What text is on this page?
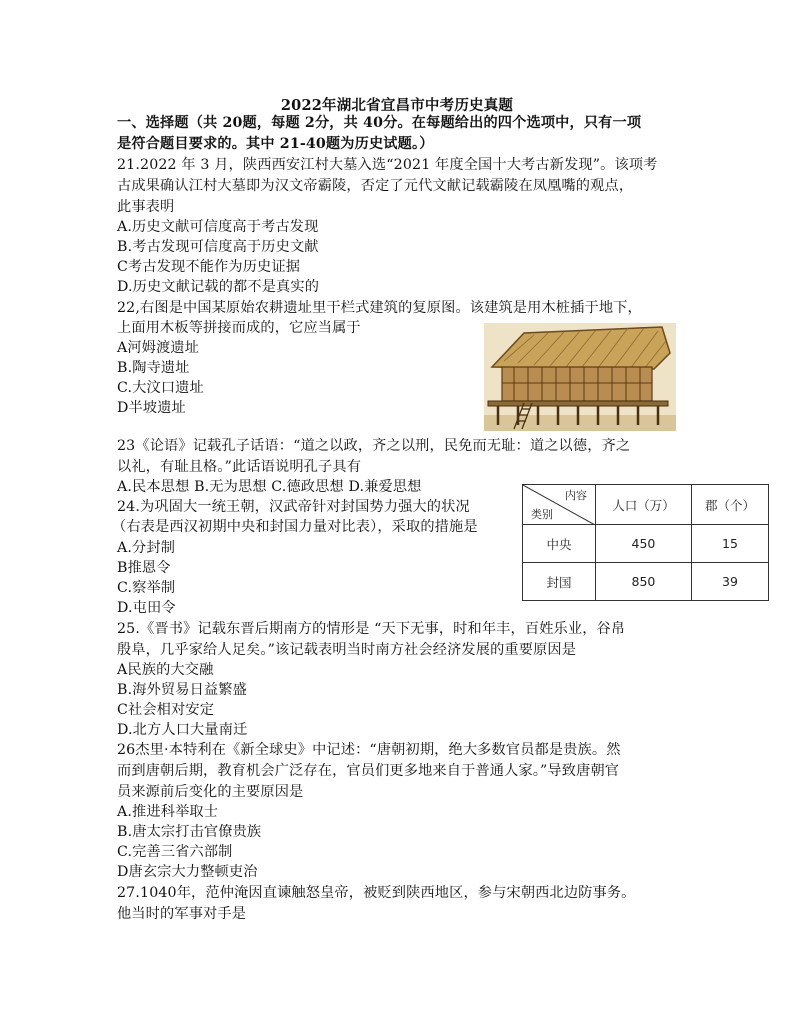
2022年湖北省宜昌市中考历史真题
一、选择题（共 20题，每题 2分，共 40分。在每题给出的四个选项中，只有一项
是符合题目要求的。其中 21-40题为历史试题。）
21.2022 年 3 月，陕西西安江村大墓入选“2021 年度全国十大考古新发现”。该项考
古成果确认江村大墓即为汉文帝霸陵，否定了元代文献记载霸陵在凤凰嘴的观点，
此事表明
A.历史文献可信度高于考古发现
B.考古发现可信度高于历史文献
C考古发现不能作为历史证据
D.历史文献记载的都不是真实的
22,右图是中国某原始农耕遗址里干栏式建筑的复原图。该建筑是用木桩插于地下，
上面用木板等拼接而成的，它应当属于
A河姆渡遗址
B.陶寺遗址
C.大汶口遗址
D半坡遗址
23《论语》记载孔子话语：“道之以政，齐之以刑，民免而无耻：道之以德，齐之
以礼，有耻且格。”此话语说明孔子具有
A.民本思想 B.无为思想 C.德政思想 D.兼爱思想
24.为巩固大一统王朝，汉武帝针对封国势力强大的状况
（右表是西汉初期中央和封国力量对比表），采取的措施是
A.分封制
B推恩令
C.察举制
D.屯田令
内容
类别	人口（万）	郡（个）
中央	450	15
封国	850	39
25.《晋书》记载东晋后期南方的情形是 “天下无事，时和年丰，百姓乐业，谷帛
殷阜，几乎家给人足矣。”该记载表明当时南方社会经济发展的重要原因是
A民族的大交融
B.海外贸易日益繁盛
C社会相对安定
D.北方人口大量南迁
26杰里·本特利在《新全球史》中记述：“唐朝初期，绝大多数官员都是贵族。然
而到唐朝后期，教育机会广泛存在，官员们更多地来自于普通人家。”导致唐朝官
员来源前后变化的主要原因是
A.推进科举取士
B.唐太宗打击官僚贵族
C.完善三省六部制
D唐玄宗大力整顿吏治
27.1040年，范仲淹因直谏触怒皇帝，被贬到陕西地区，参与宋朝西北边防事务。
他当时的军事对手是
